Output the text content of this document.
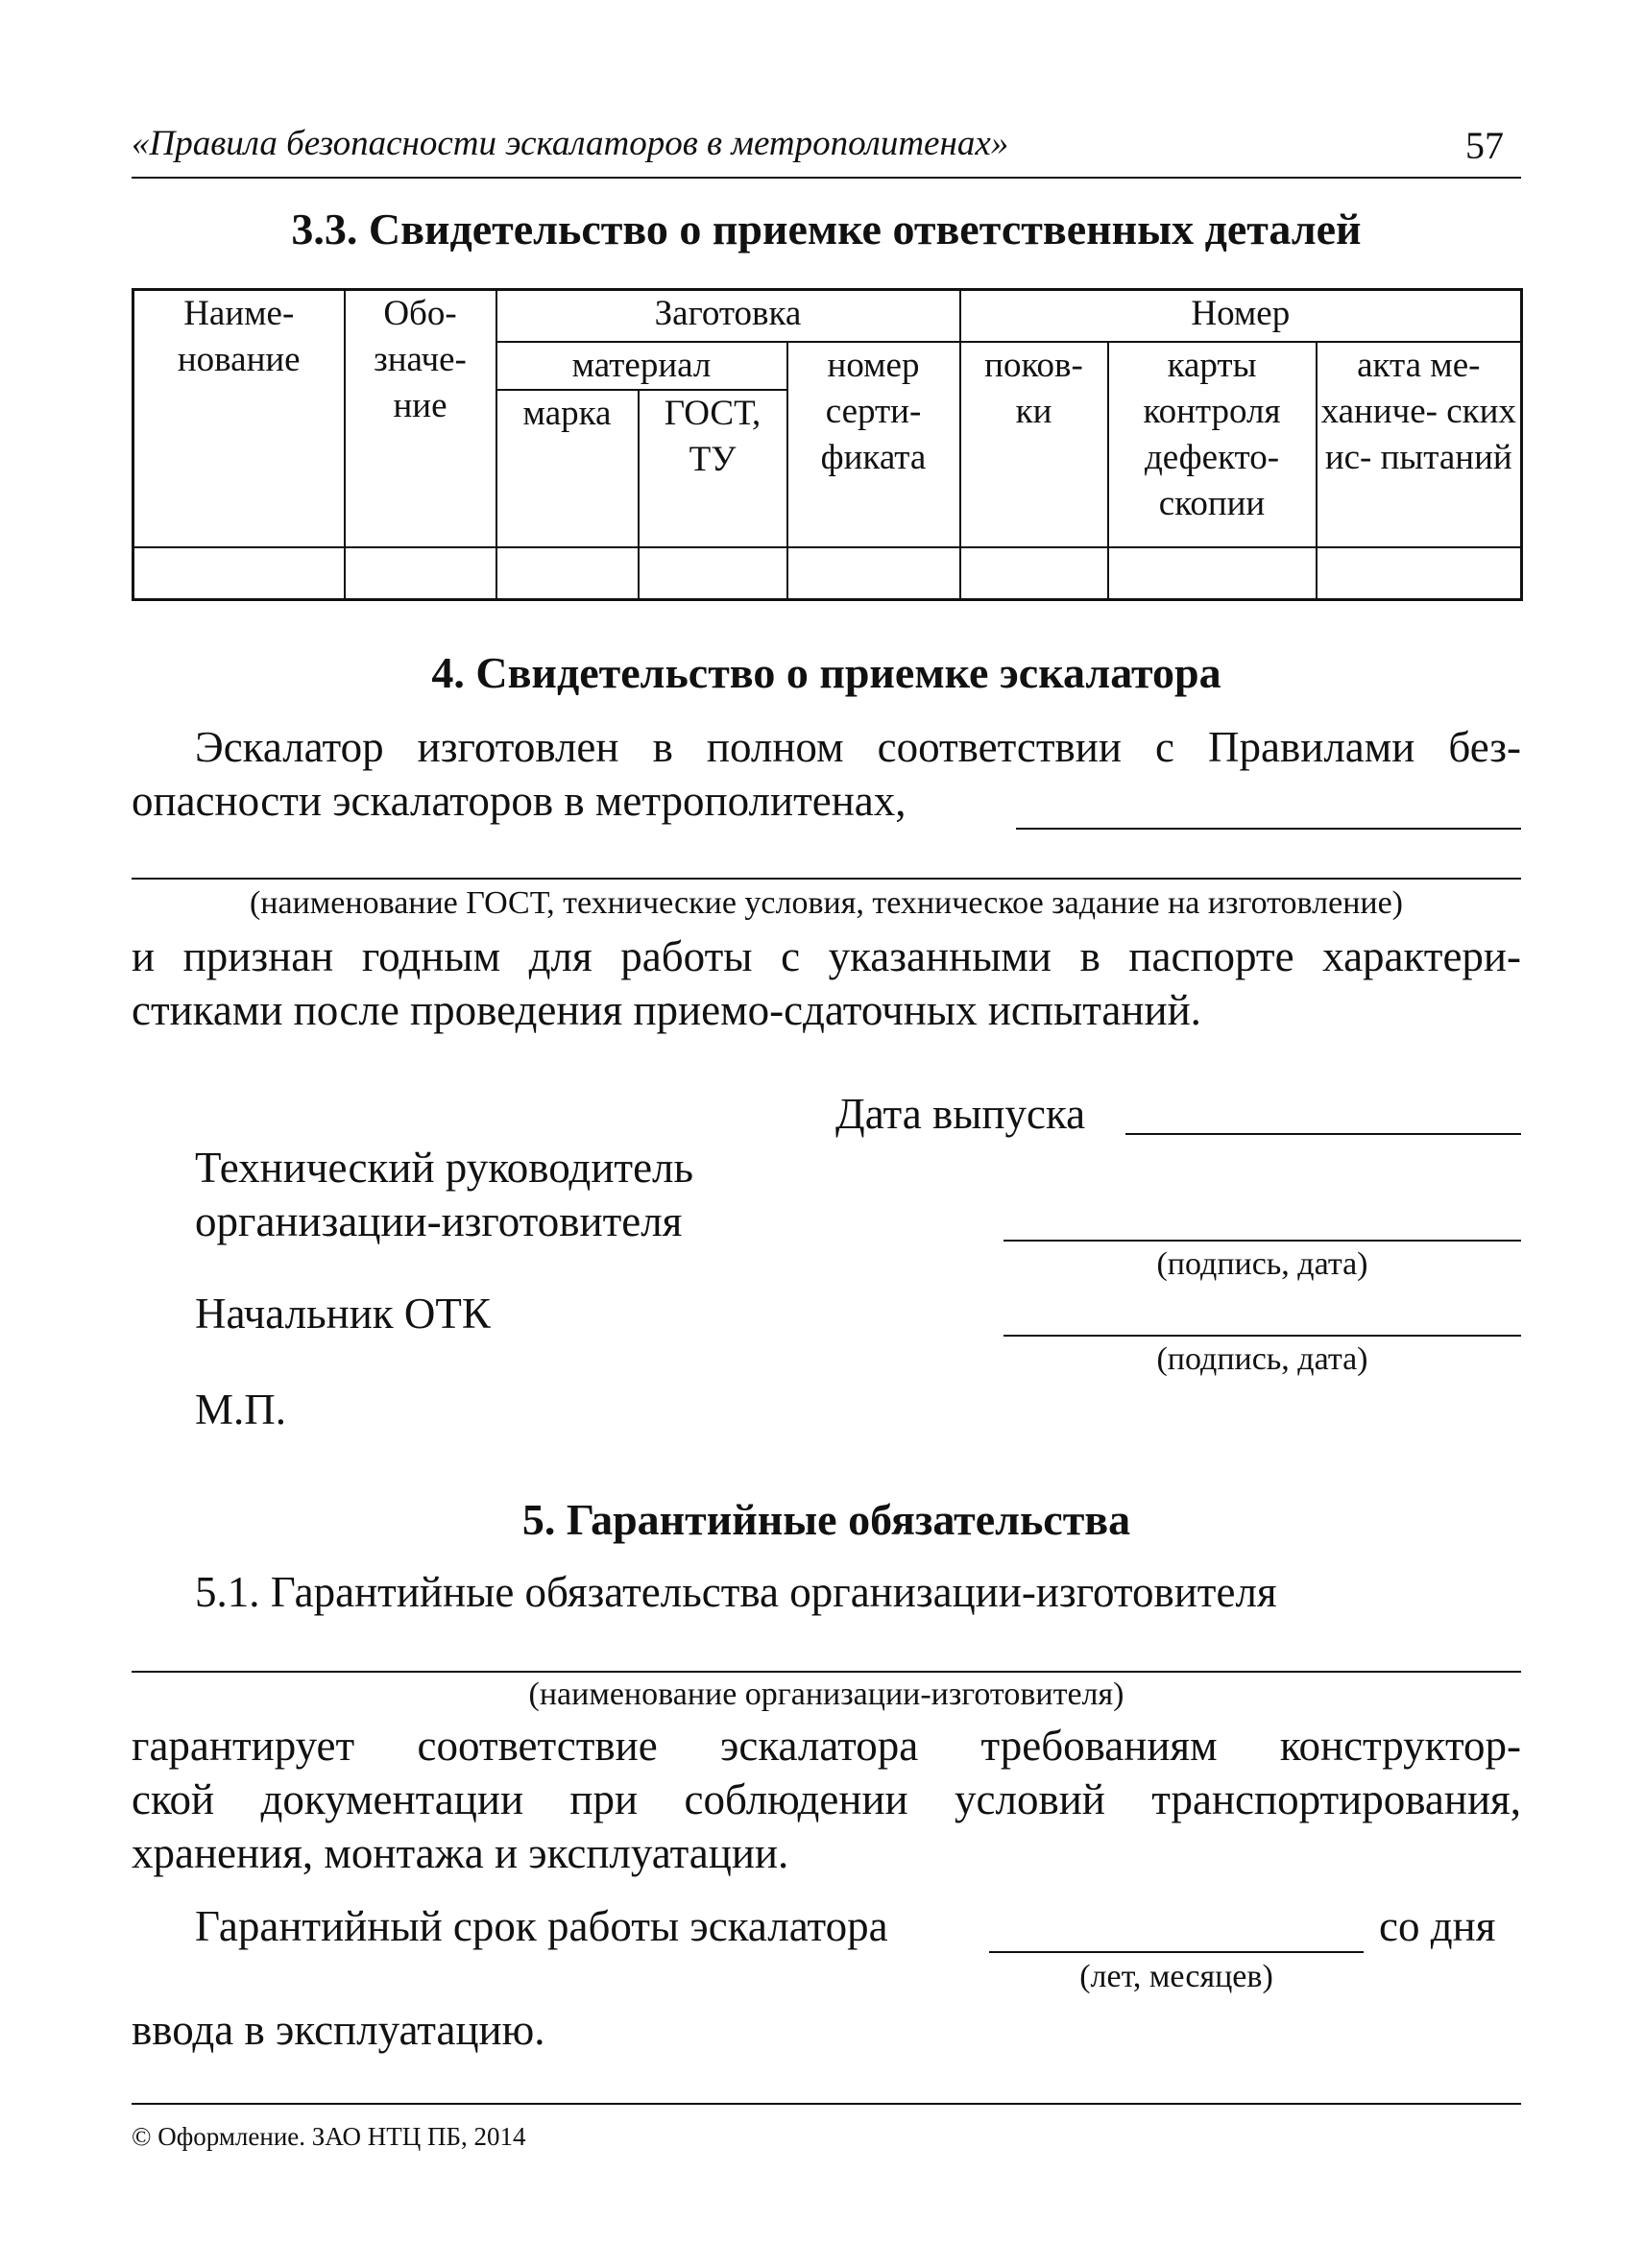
«Правила безопасности эскалаторов в метрополитенах»	57
3.3. Свидетельство о приемке ответственных деталей
Наиме- нование	Обо- значе- ние	Заготовка			Номер		
		материал		номер серти- фиката	поков- ки	карты контроля дефекто- скопии	акта ме- ханиче- ских ис- пытаний
		марка	ГОСТ, ТУ				

4. Свидетельство о приемке эскалатора
Эскалатор изготовлен в полном соответствии с Правилами без-
опасности эскалаторов в метрополитенах,
(наименование ГОСТ, технические условия, техническое задание на изготовление)
и признан годным для работы с указанными в паспорте характери-
стиками после проведения приемо-сдаточных испытаний.
Дата выпуска
Технический руководитель
организации-изготовителя
(подпись, дата)
Начальник ОТК
(подпись, дата)
М.П.
5. Гарантийные обязательства
5.1. Гарантийные обязательства организации-изготовителя
(наименование организации-изготовителя)
гарантирует соответствие эскалатора требованиям конструктор-
ской документации при соблюдении условий транспортирования,
хранения, монтажа и эксплуатации.
Гарантийный срок работы эскалатора	со дня
(лет, месяцев)
ввода в эксплуатацию.
© Оформление. ЗАО НТЦ ПБ, 2014
